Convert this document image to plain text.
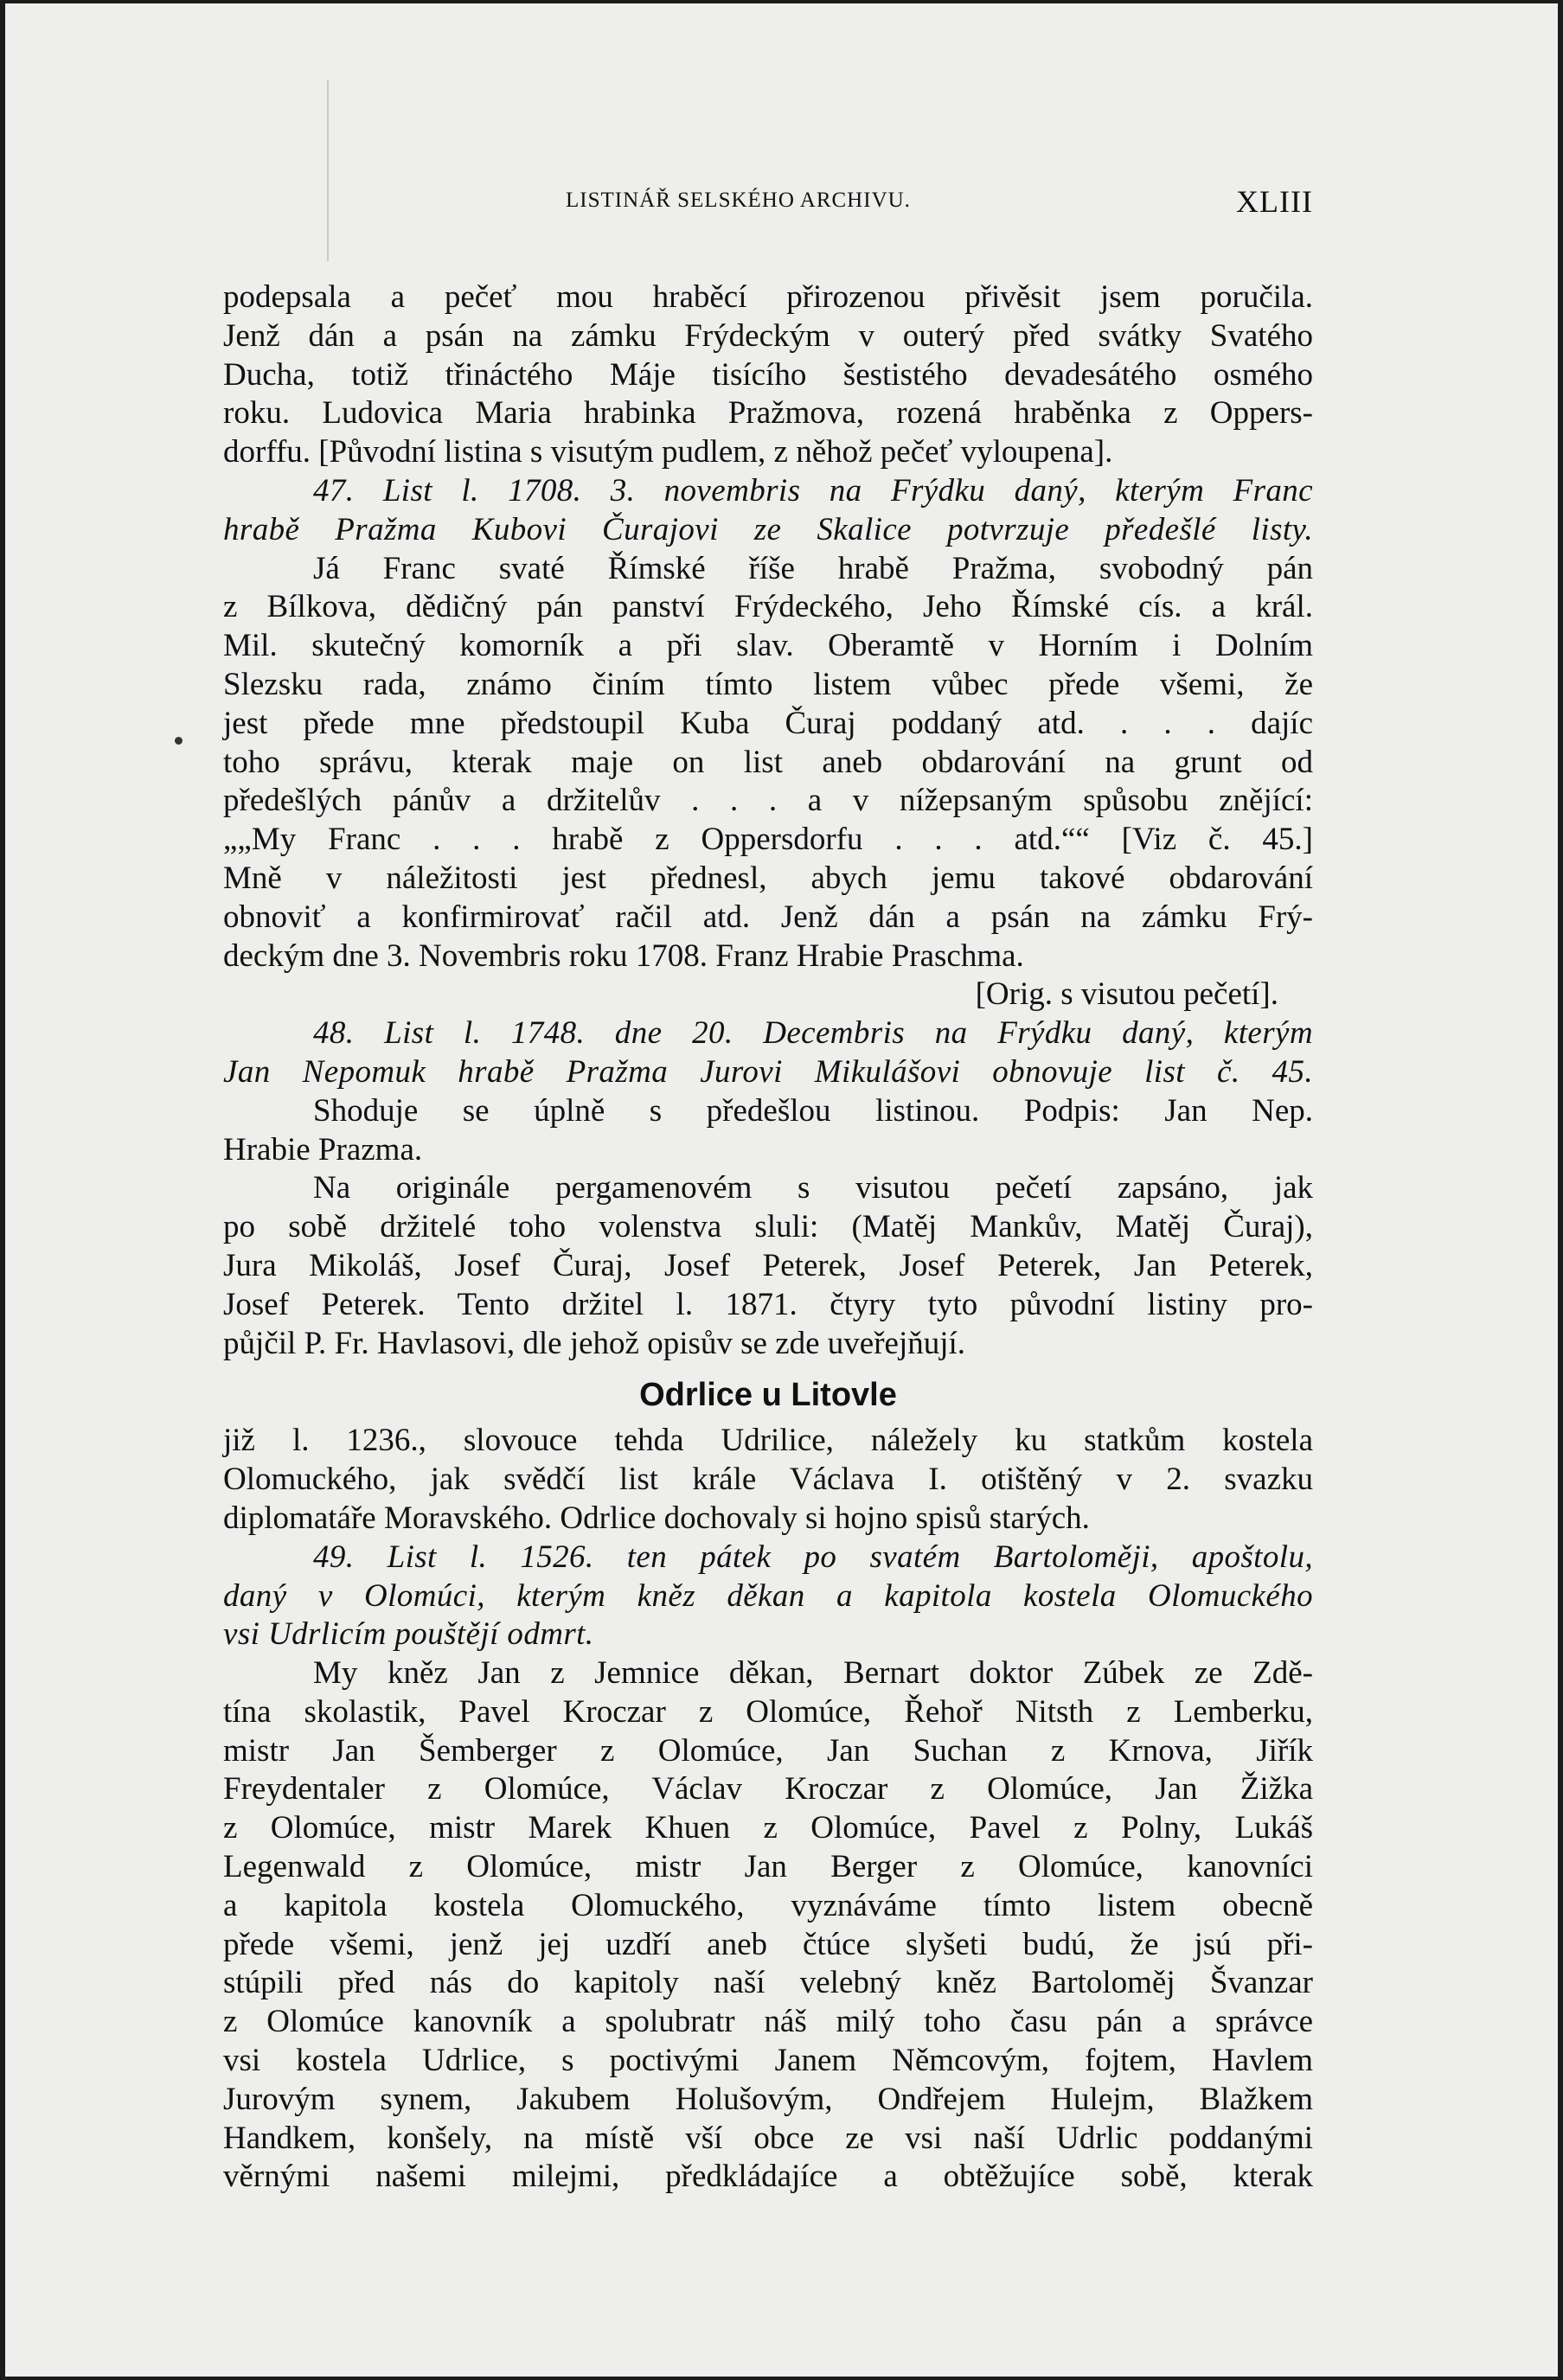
LISTINÁŘ SELSKÉHO ARCHIVU.	XLIII
podepsala a pečeť mou hraběcí přirozenou přivěsit jsem poručila.
Jenž dán a psán na zámku Frýdeckým v outerý před svátky Svatého
Ducha, totiž třináctého Máje tisícího šestistého devadesátého osmého
roku. Ludovica Maria hrabinka Pražmova, rozená hraběnka z Oppers-
dorffu. [Původní listina s visutým pudlem, z něhož pečeť vyloupena].
47. List l. 1708. 3. novembris na Frýdku daný, kterým Franc
hrabě Pražma Kubovi Čurajovi ze Skalice potvrzuje předešlé listy.
Já Franc svaté Římské říše hrabě Pražma, svobodný pán
z Bílkova, dědičný pán panství Frýdeckého, Jeho Římské cís. a král.
Mil. skutečný komorník a při slav. Oberamtě v Horním i Dolním
Slezsku rada, známo činím tímto listem vůbec přede všemi, že
jest přede mne předstoupil Kuba Čuraj poddaný atd. . . . dajíc
toho správu, kterak maje on list aneb obdarování na grunt od
předešlých pánův a držitelův . . . a v nížepsaným spůsobu znějící:
„„My Franc . . . hrabě z Oppersdorfu . . . atd.““ [Viz č. 45.]
Mně v náležitosti jest přednesl, abych jemu takové obdarování
obnoviť a konfirmirovať račil atd. Jenž dán a psán na zámku Frý-
deckým dne 3. Novembris roku 1708. Franz Hrabie Praschma.
[Orig. s visutou pečetí].
48. List l. 1748. dne 20. Decembris na Frýdku daný, kterým
Jan Nepomuk hrabě Pražma Jurovi Mikulášovi obnovuje list č. 45.
Shoduje se úplně s předešlou listinou. Podpis: Jan Nep.
Hrabie Prazma.
Na originále pergamenovém s visutou pečetí zapsáno, jak
po sobě držitelé toho volenstva sluli: (Matěj Mankův, Matěj Čuraj),
Jura Mikoláš, Josef Čuraj, Josef Peterek, Josef Peterek, Jan Peterek,
Josef Peterek. Tento držitel l. 1871. čtyry tyto původní listiny pro-
půjčil P. Fr. Havlasovi, dle jehož opisův se zde uveřejňují.
Odrlice u Litovle
již l. 1236., slovouce tehda Udrilice, náležely ku statkům kostela
Olomuckého, jak svědčí list krále Václava I. otištěný v 2. svazku
diplomatáře Moravského. Odrlice dochovaly si hojno spisů starých.
49. List l. 1526. ten pátek po svatém Bartoloměji, apoštolu,
daný v Olomúci, kterým kněz děkan a kapitola kostela Olomuckého
vsi Udrlicím pouštějí odmrt.
My kněz Jan z Jemnice děkan, Bernart doktor Zúbek ze Zdě-
tína skolastik, Pavel Kroczar z Olomúce, Řehoř Nitsth z Lemberku,
mistr Jan Šemberger z Olomúce, Jan Suchan z Krnova, Jiřík
Freydentaler z Olomúce, Václav Kroczar z Olomúce, Jan Žižka
z Olomúce, mistr Marek Khuen z Olomúce, Pavel z Polny, Lukáš
Legenwald z Olomúce, mistr Jan Berger z Olomúce, kanovníci
a kapitola kostela Olomuckého, vyznáváme tímto listem obecně
přede všemi, jenž jej uzdří aneb čtúce slyšeti budú, že jsú při-
stúpili před nás do kapitoly naší velebný kněz Bartoloměj Švanzar
z Olomúce kanovník a spolubratr náš milý toho času pán a správce
vsi kostela Udrlice, s poctivými Janem Němcovým, fojtem, Havlem
Jurovým synem, Jakubem Holušovým, Ondřejem Hulejm, Blažkem
Handkem, konšely, na místě vší obce ze vsi naší Udrlic poddanými
věrnými našemi milejmi, předkládajíce a obtěžujíce sobě, kterak
